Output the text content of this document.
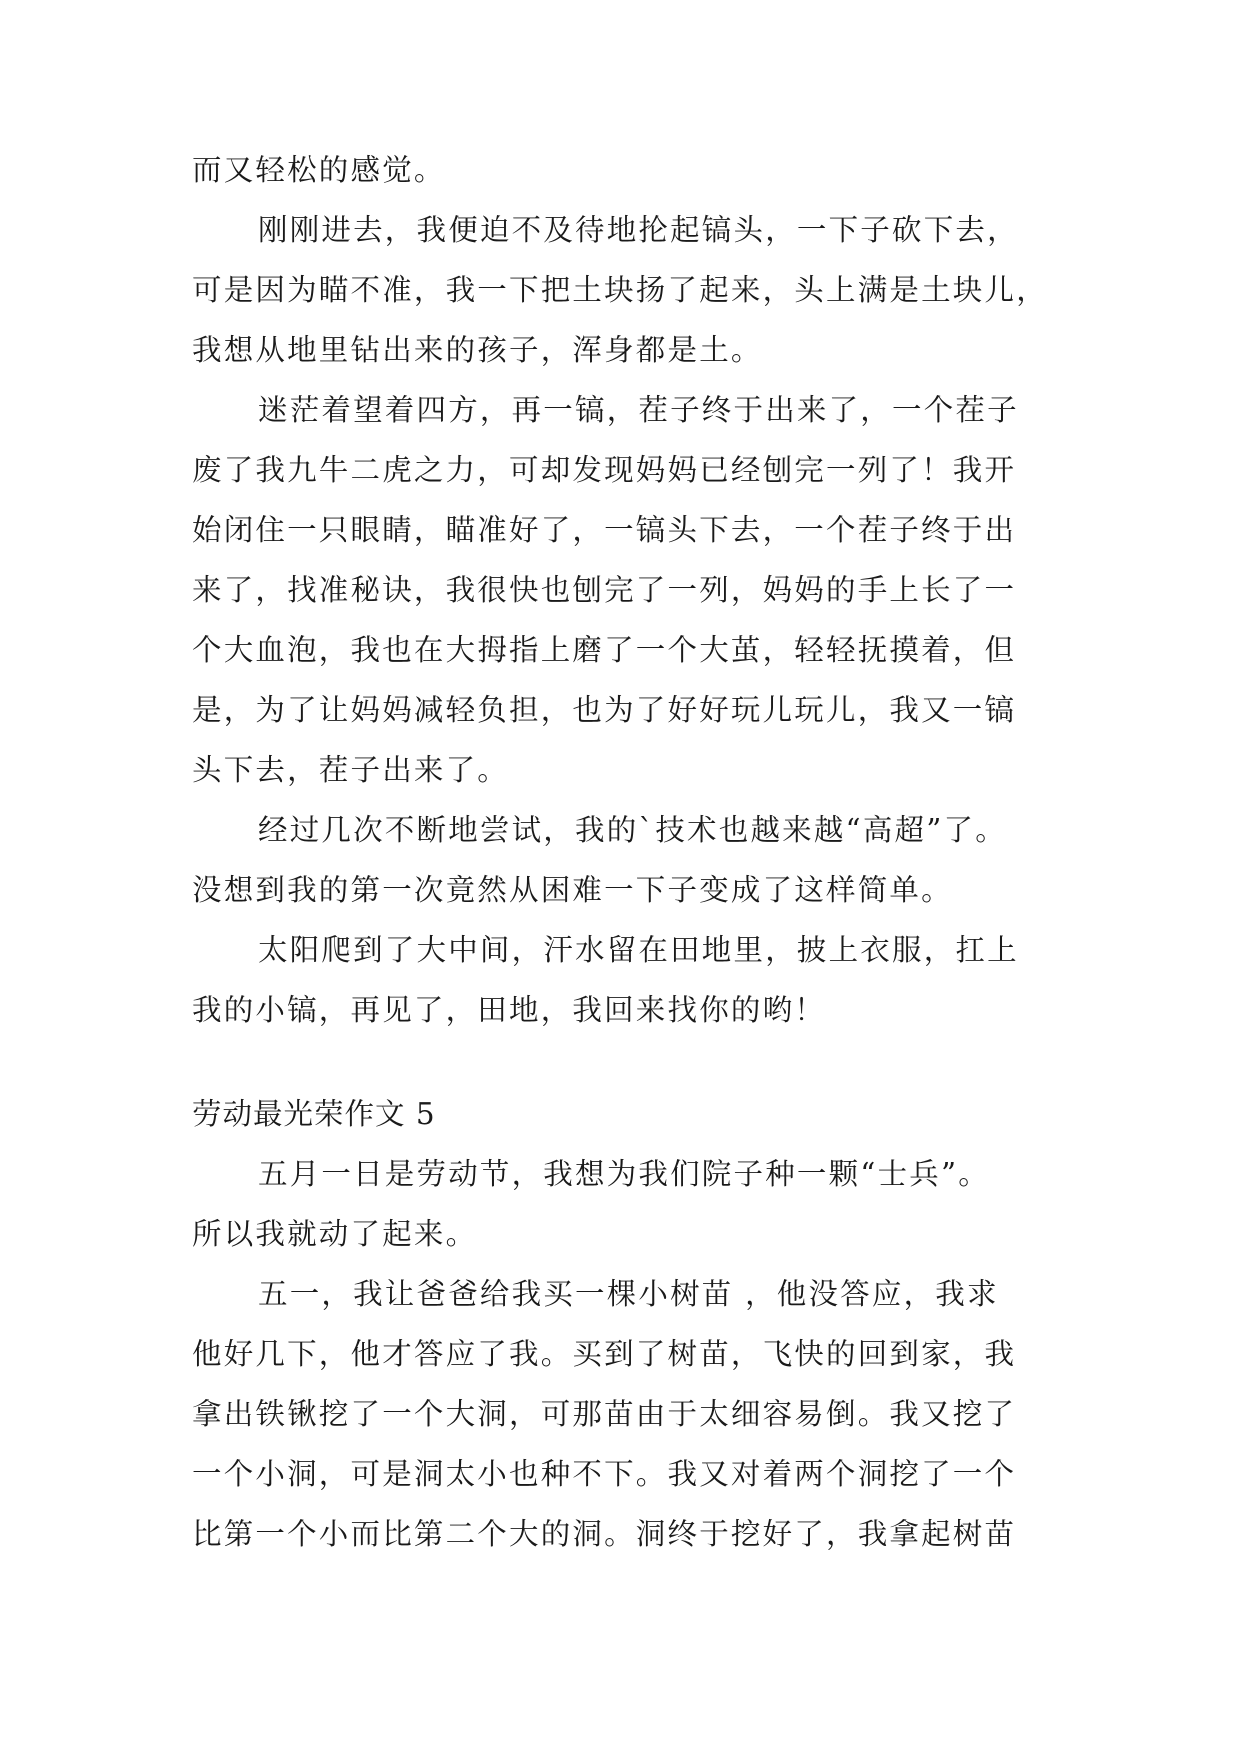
而又轻松的感觉。
刚刚进去，我便迫不及待地抡起镐头，一下子砍下去，
可是因为瞄不准，我一下把土块扬了起来，头上满是土块儿，
我想从地里钻出来的孩子，浑身都是土。
迷茫着望着四方，再一镐，茬子终于出来了，一个茬子
废了我九牛二虎之力，可却发现妈妈已经刨完一列了！我开
始闭住一只眼睛，瞄准好了，一镐头下去，一个茬子终于出
来了，找准秘诀，我很快也刨完了一列，妈妈的手上长了一
个大血泡，我也在大拇指上磨了一个大茧，轻轻抚摸着，但
是，为了让妈妈减轻负担，也为了好好玩儿玩儿，我又一镐
头下去，茬子出来了。
经过几次不断地尝试，我的`技术也越来越“高超”了。
没想到我的第一次竟然从困难一下子变成了这样简单。
太阳爬到了大中间，汗水留在田地里，披上衣服，扛上
我的小镐，再见了，田地，我回来找你的哟！
劳动最光荣作文 5
五月一日是劳动节，我想为我们院子种一颗“士兵”。
所以我就动了起来。
五一，我让爸爸给我买一棵小树苗 ，他没答应，我求
他好几下，他才答应了我。买到了树苗，飞快的回到家，我
拿出铁锹挖了一个大洞，可那苗由于太细容易倒。我又挖了
一个小洞，可是洞太小也种不下。我又对着两个洞挖了一个
比第一个小而比第二个大的洞。洞终于挖好了，我拿起树苗
